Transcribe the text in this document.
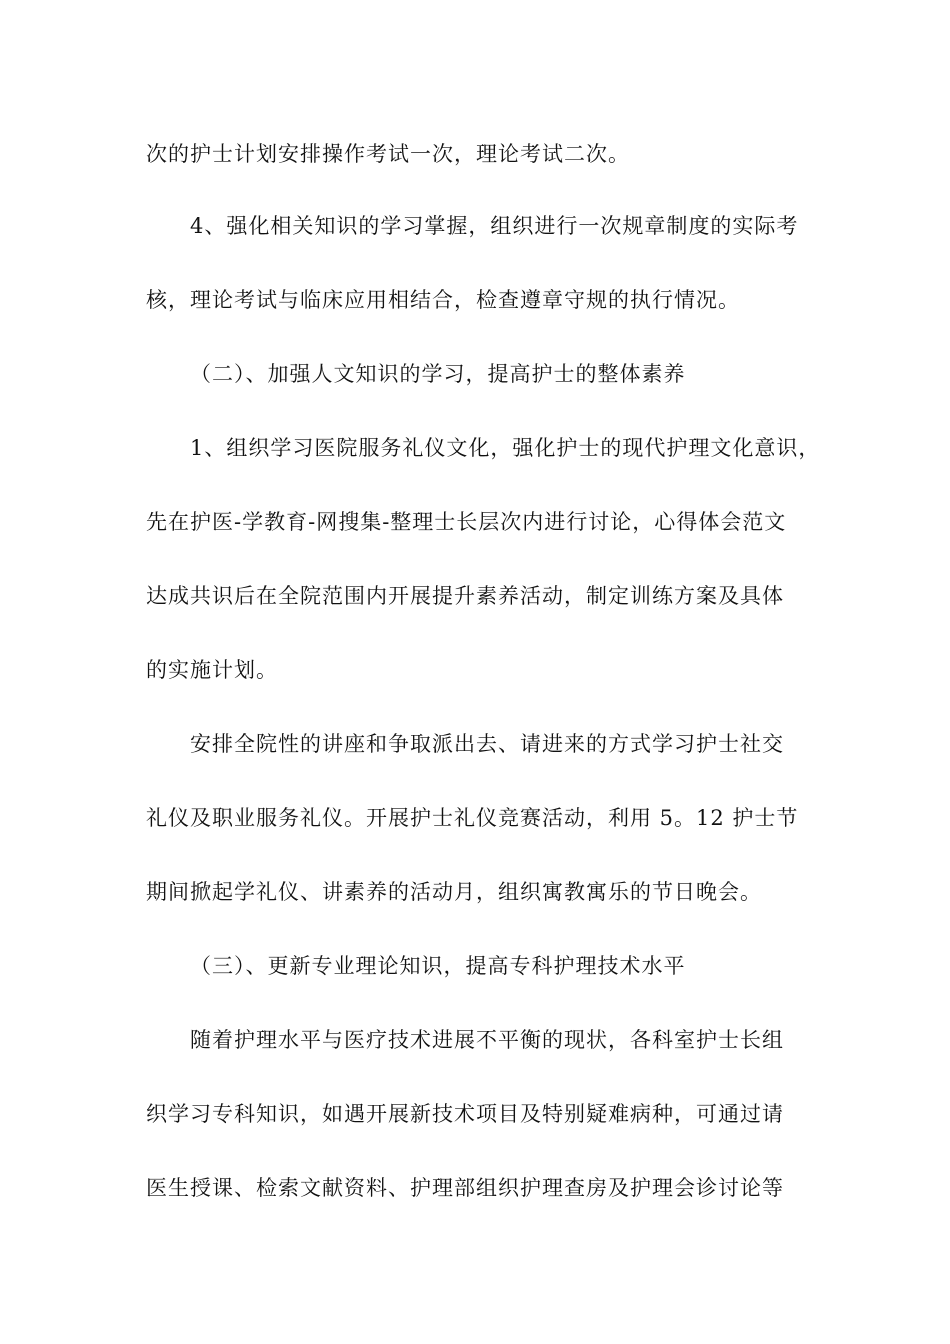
次的护士计划安排操作考试一次，理论考试二次。
4、强化相关知识的学习掌握，组织进行一次规章制度的实际考
核，理论考试与临床应用相结合，检查遵章守规的执行情况。
（二）、加强人文知识的学习，提高护士的整体素养
1、组织学习医院服务礼仪文化，强化护士的现代护理文化意识，
先在护医-学教育-网搜集-整理士长层次内进行讨论，心得体会范文
达成共识后在全院范围内开展提升素养活动，制定训练方案及具体
的实施计划。
安排全院性的讲座和争取派出去、请进来的方式学习护士社交
礼仪及职业服务礼仪。开展护士礼仪竞赛活动，利用 5。12 护士节
期间掀起学礼仪、讲素养的活动月，组织寓教寓乐的节日晚会。
（三）、更新专业理论知识，提高专科护理技术水平
随着护理水平与医疗技术进展不平衡的现状，各科室护士长组
织学习专科知识，如遇开展新技术项目及特别疑难病种，可通过请
医生授课、检索文献资料、护理部组织护理查房及护理会诊讨论等
